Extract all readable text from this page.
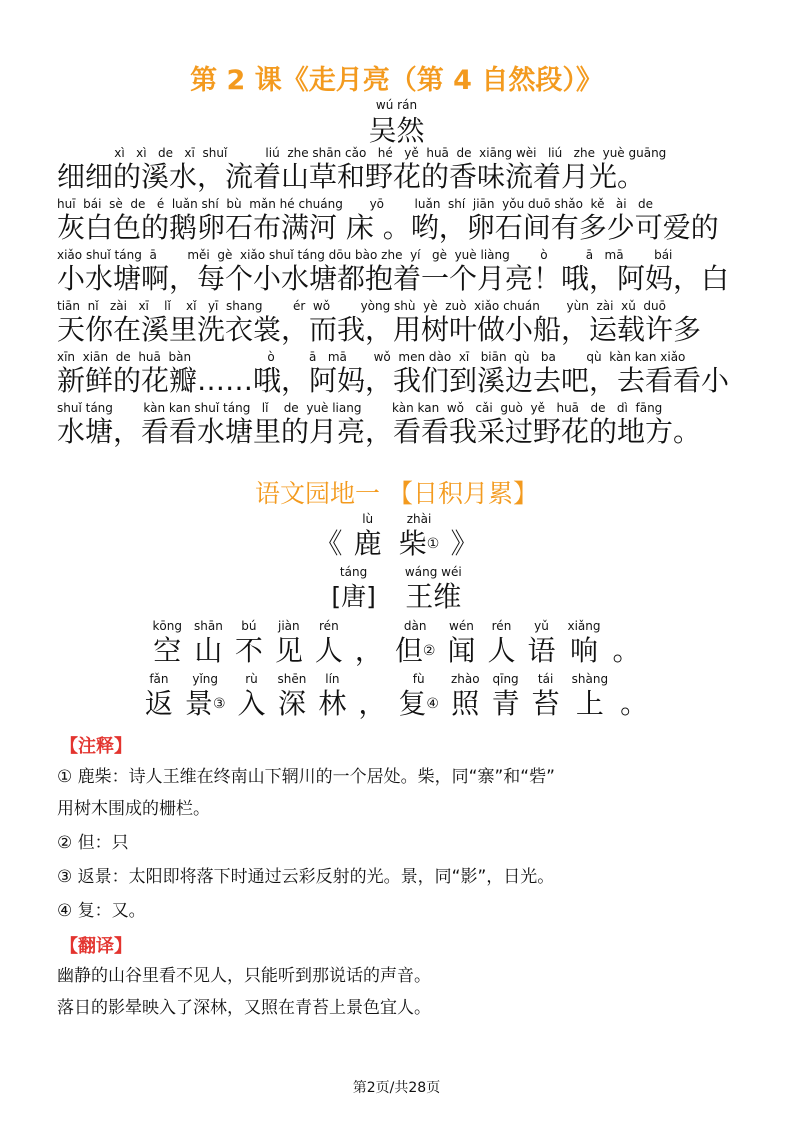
第 2 课《走月亮（第 4 自然段）》
wú rán
吴然
xì   xì   de   xī  shuǐ          liú  zhe shān cǎo   hé   yě  huā  de  xiāng wèi   liú   zhe  yuè guāng
细细的溪水，流着山草和野花的香味流着月光。
huī  bái  sè  de   é  luǎn shí  bù  mǎn hé chuáng       yō        luǎn  shí  jiān  yǒu duō shǎo  kě   ài   de
灰白色的鹅卵石布满河 床 。哟，卵石间有多少可爱的
xiǎo shuǐ táng  ā        měi  gè  xiǎo shuǐ táng dōu bào zhe  yí   gè  yuè liàng        ò          ā   mā        bái
小水塘啊，每个小水塘都抱着一个月亮！哦，阿妈，白
tiān  nǐ   zài   xī    lǐ    xǐ   yī  shang        ér  wǒ        yòng shù  yè  zuò  xiǎo chuán       yùn  zài  xǔ  duō
天你在溪里洗衣裳，而我，用树叶做小船，运载许多
xīn  xiān  de  huā  bàn                    ò         ā   mā       wǒ  men dào  xī   biān  qù   ba        qù  kàn kan xiǎo
新鲜的花瓣……哦，阿妈，我们到溪边去吧，去看看小
shuǐ táng        kàn kan shuǐ táng   lǐ    de  yuè liang        kàn kan  wǒ   cǎi  guò  yě   huā   de   dì  fāng
水塘，看看水塘里的月亮，看看我采过野花的地方。
语文园地一 【日积月累】
《
lù
鹿

zhài
柴① 》
táng
[唐]

wáng wéi
王维
kōng
空
shān
山
bú
不
jiàn
见
rén
人
，
dàn
但②
wén
闻
rén
人
yǔ
语
xiǎng
响
。
fǎn
返
yǐng
景③
rù
入
shēn
深
lín
林
，
fù
复④
zhào
照
qīng
青
tái
苔
shàng
上
。
【注释】
① 鹿柴：诗人王维在终南山下辋川的一个居处。柴，同“寨”和“砦”
用树木围成的栅栏。
② 但：只
③ 返景：太阳即将落下时通过云彩反射的光。景，同“影”，日光。
④ 复：又。
【翻译】
幽静的山谷里看不见人，只能听到那说话的声音。
落日的影晕映入了深林，又照在青苔上景色宜人。
第2页/共28页
